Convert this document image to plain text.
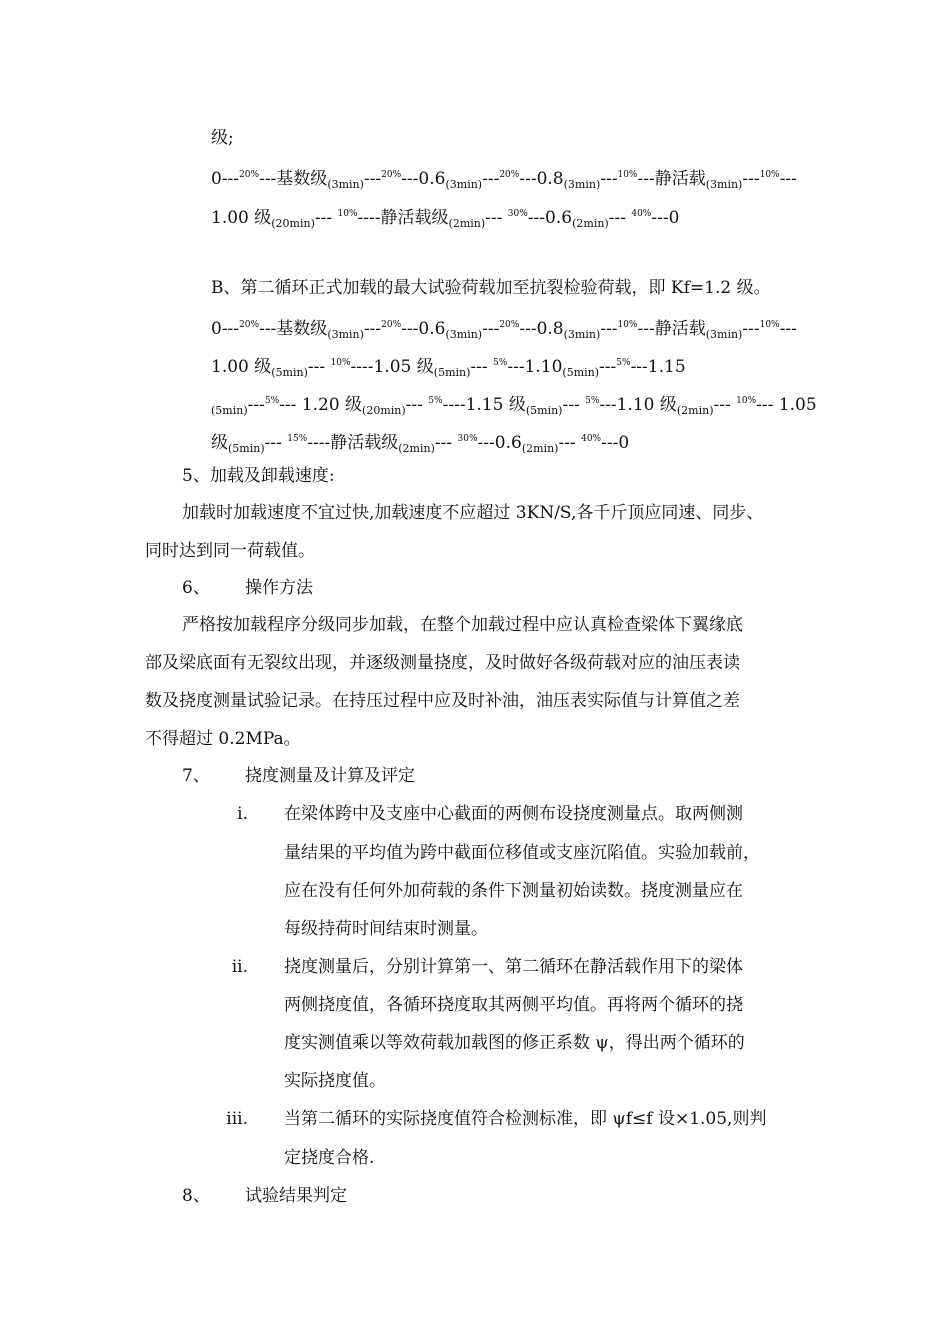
级;
0---$^{20\%}$---基数级$_{(3min)}---^{20\%}---0.6_{(3min)}---^{20\%}---0.8_{(3min)}---^{10\%}---$静活载$_{(3min)}$---$^{10\%}$---
1.00 级$_{(20min)}$--- $^{10\%}$----静活载级$_{(2min)}$--- $^{30\%}---0.6_{(2min)}---$ $^{40\%}$---0
B、第二循环正式加载的最大试验荷载加至抗裂检验荷载，即 Kf=1.2 级。
0---$^{20\%}$---基数级$_{(3min)}---^{20\%}---0.6_{(3min)}---^{20\%}---0.8_{(3min)}---^{10\%}---$静活载$_{(3min)}$---$^{10\%}$---
1.00 级$_{(5min)}$--- $^{10\%}$----1.05 级$_{(5min)}$--- $^{5\%}---1.10_{(5min)}---^{5\%}---1.15$
$_{(5min)}$---$^{5\%}$--- 1.20 级$_{(20min)}$--- $^{5\%}$----1.15 级$_{(5min)}$--- $^{5\%}$---1.10 级$_{(2min)}$--- $^{10\%}$--- 1.05
级$_{(5min)}$--- $^{15\%}$----静活载级$_{(2min)}$--- $^{30\%}---0.6_{(2min)}---$ $^{40\%}$---0
5、加载及卸载速度:
加载时加载速度不宜过快,加载速度不应超过 3KN/S,各千斤顶应同速、同步、
同时达到同一荷载值。
6、 操作方法
严格按加载程序分级同步加载，在整个加载过程中应认真检查梁体下翼缘底
部及梁底面有无裂纹出现，并逐级测量挠度，及时做好各级荷载对应的油压表读
数及挠度测量试验记录。在持压过程中应及时补油，油压表实际值与计算值之差
不得超过 0.2MPa。
7、 挠度测量及计算及评定
i. 在梁体跨中及支座中心截面的两侧布设挠度测量点。取两侧测
量结果的平均值为跨中截面位移值或支座沉陷值。实验加载前，
应在没有任何外加荷载的条件下测量初始读数。挠度测量应在
每级持荷时间结束时测量。
ii. 挠度测量后，分别计算第一、第二循环在静活载作用下的梁体
两侧挠度值，各循环挠度取其两侧平均值。再将两个循环的挠
度实测值乘以等效荷载加载图的修正系数 ψ，得出两个循环的
实际挠度值。
iii. 当第二循环的实际挠度值符合检测标准，即 ψf≤f 设×1.05,则判
定挠度合格.
8、 试验结果判定
